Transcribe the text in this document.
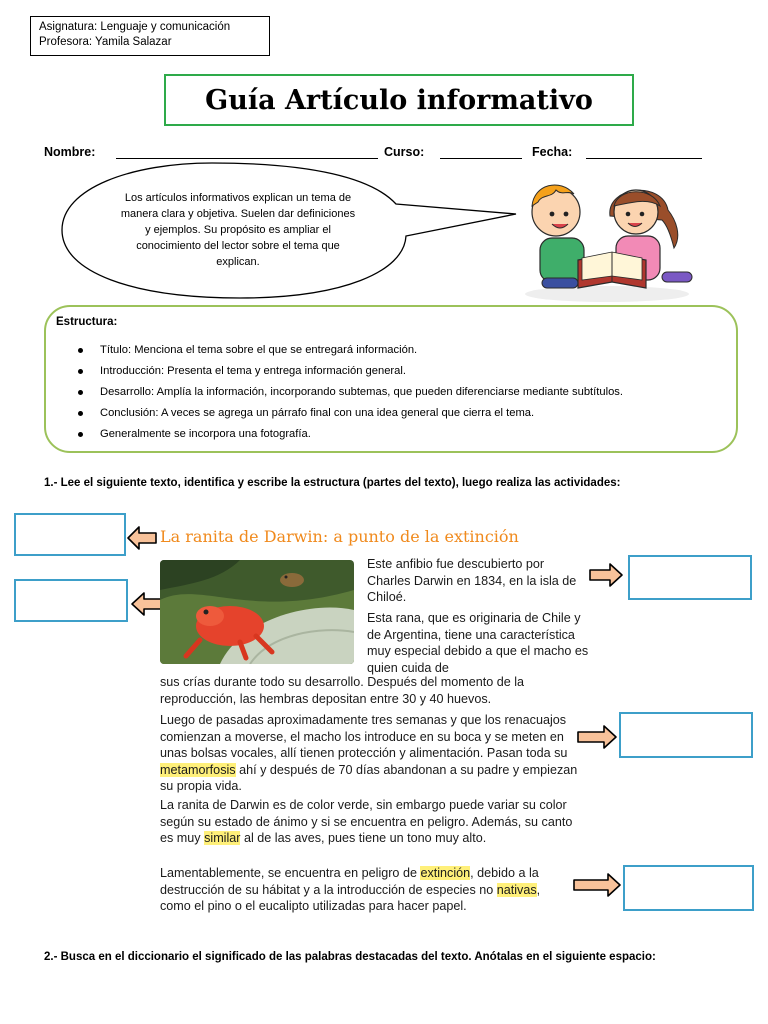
Asignatura: Lenguaje y comunicación
Profesora: Yamila Salazar
Guía Artículo informativo
Nombre:	Curso:	Fecha:
Los artículos informativos explican un tema de manera clara y objetiva. Suelen dar definiciones y ejemplos. Su propósito es ampliar el conocimiento del lector sobre el tema que explican.
Estructura:
Título: Menciona el tema sobre el que se entregará información.
Introducción: Presenta el tema y entrega información general.
Desarrollo: Amplía la información, incorporando subtemas, que pueden diferenciarse mediante subtítulos.
Conclusión: A veces se agrega un párrafo final con una idea general que cierra el tema.
Generalmente se incorpora una fotografía.
1.- Lee el siguiente texto, identifica y escribe la estructura (partes del texto), luego realiza las actividades:
La ranita de Darwin: a punto de la extinción

Este anfibio fue descubierto por Charles Darwin en 1834, en la isla de Chiloé.

Esta rana, que es originaria de Chile y de Argentina, tiene una característica muy especial debido a que el macho es quien cuida de

sus crías durante todo su desarrollo. Después del momento de la reproducción, las hembras depositan entre 30 y 40 huevos.

Luego de pasadas aproximadamente tres semanas y que los renacuajos comienzan a moverse, el macho los introduce en su boca y se meten en unas bolsas vocales, allí tienen protección y alimentación. Pasan toda su metamorfosis ahí y después de 70 días abandonan a su padre y empiezan su propia vida.

La ranita de Darwin es de color verde, sin embargo puede variar su color según su estado de ánimo y si se encuentra en peligro. Además, su canto es muy similar al de las aves, pues tiene un tono muy alto.

Lamentablemente, se encuentra en peligro de extinción, debido a la destrucción de su hábitat y a la introducción de especies no nativas, como el pino o el eucalipto utilizadas para hacer papel.

2.- Busca en el diccionario el significado de las palabras destacadas del texto. Anótalas en el siguiente espacio:
